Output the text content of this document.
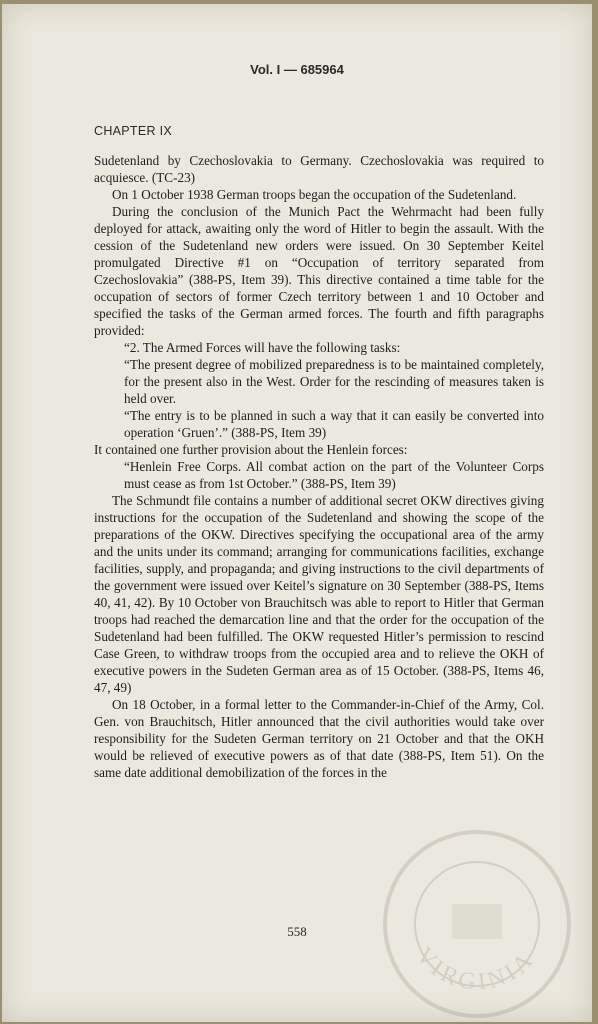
Vol. I — 685964
CHAPTER IX

Sudetenland by Czechoslovakia to Germany. Czechoslovakia was required to acquiesce. (TC-23)

On 1 October 1938 German troops began the occupation of the Sudetenland.

During the conclusion of the Munich Pact the Wehrmacht had been fully deployed for attack, awaiting only the word of Hitler to begin the assault. With the cession of the Sudetenland new orders were issued. On 30 September Keitel promulgated Directive #1 on “Occupation of territory separated from Czechoslovakia” (388-PS, Item 39). This directive contained a time table for the occupation of sectors of former Czech territory between 1 and 10 October and specified the tasks of the German armed forces. The fourth and fifth paragraphs provided:

“2. The Armed Forces will have the following tasks:

“The present degree of mobilized preparedness is to be maintained completely, for the present also in the West. Order for the rescinding of measures taken is held over.

“The entry is to be planned in such a way that it can easily be converted into operation ‘Gruen’.” (388-PS, Item 39)

It contained one further provision about the Henlein forces:

“Henlein Free Corps. All combat action on the part of the Volunteer Corps must cease as from 1st October.” (388-PS, Item 39)

The Schmundt file contains a number of additional secret OKW directives giving instructions for the occupation of the Sudetenland and showing the scope of the preparations of the OKW. Directives specifying the occupational area of the army and the units under its command; arranging for communications facilities, exchange facilities, supply, and propaganda; and giving instructions to the civil departments of the government were issued over Keitel’s signature on 30 September (388-PS, Items 40, 41, 42). By 10 October von Brauchitsch was able to report to Hitler that German troops had reached the demarcation line and that the order for the occupation of the Sudetenland had been fulfilled. The OKW requested Hitler’s permission to rescind Case Green, to withdraw troops from the occupied area and to relieve the OKH of executive powers in the Sudeten German area as of 15 October. (388-PS, Items 46, 47, 49)

On 18 October, in a formal letter to the Commander-in-Chief of the Army, Col. Gen. von Brauchitsch, Hitler announced that the civil authorities would take over responsibility for the Sudeten German territory on 21 October and that the OKH would be relieved of executive powers as of that date (388-PS, Item 51). On the same date additional demobilization of the forces in the

558
VIRGINIA
